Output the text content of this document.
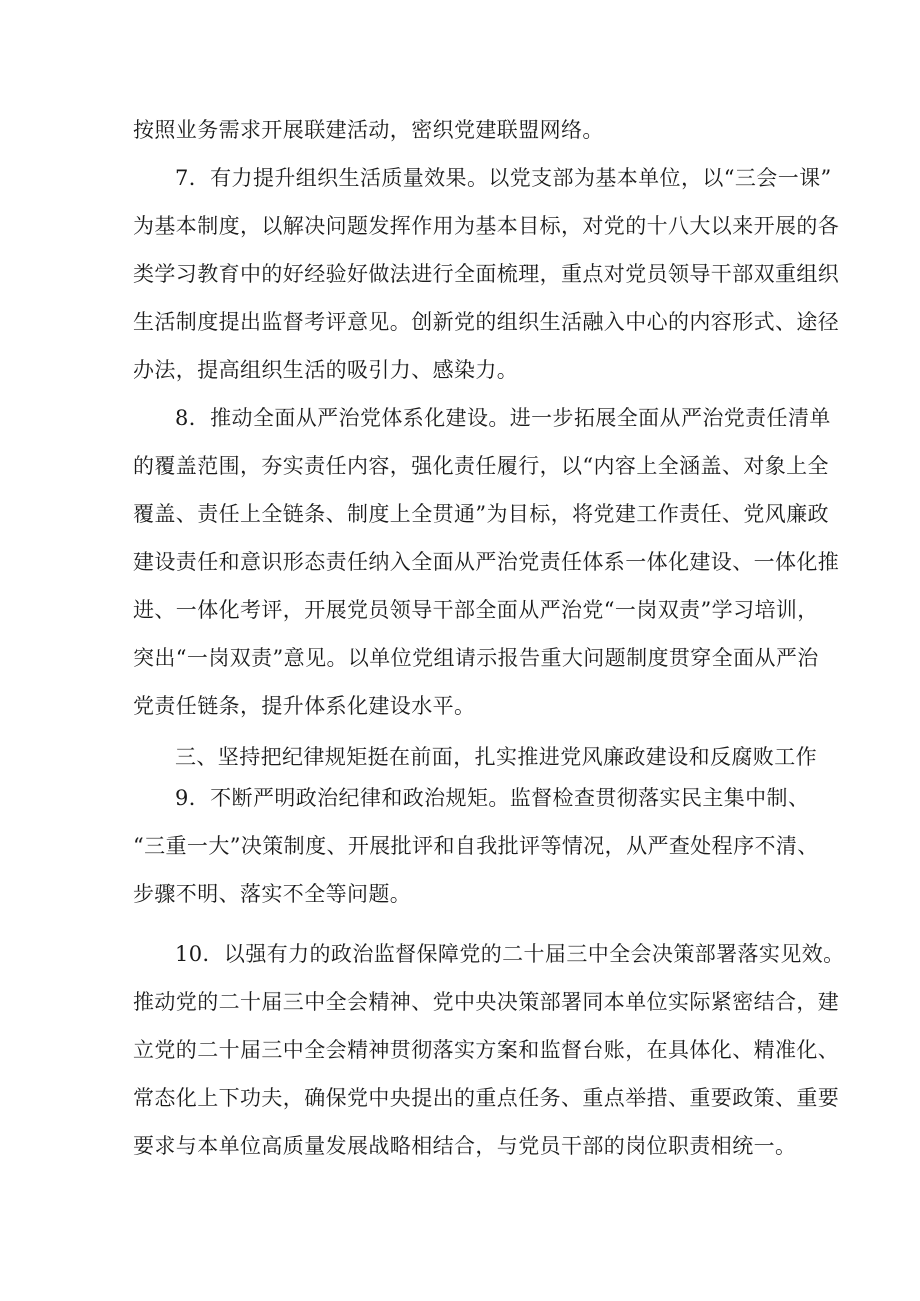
按照业务需求开展联建活动，密织党建联盟网络。
7．有力提升组织生活质量效果。以党支部为基本单位，以“三会一课”
为基本制度，以解决问题发挥作用为基本目标，对党的十八大以来开展的各
类学习教育中的好经验好做法进行全面梳理，重点对党员领导干部双重组织
生活制度提出监督考评意见。创新党的组织生活融入中心的内容形式、途径
办法，提高组织生活的吸引力、感染力。
8．推动全面从严治党体系化建设。进一步拓展全面从严治党责任清单
的覆盖范围，夯实责任内容，强化责任履行，以“内容上全涵盖、对象上全
覆盖、责任上全链条、制度上全贯通”为目标，将党建工作责任、党风廉政
建设责任和意识形态责任纳入全面从严治党责任体系一体化建设、一体化推
进、一体化考评，开展党员领导干部全面从严治党“一岗双责”学习培训，
突出“一岗双责”意见。以单位党组请示报告重大问题制度贯穿全面从严治
党责任链条，提升体系化建设水平。
三、坚持把纪律规矩挺在前面，扎实推进党风廉政建设和反腐败工作
9．不断严明政治纪律和政治规矩。监督检查贯彻落实民主集中制、
“三重一大”决策制度、开展批评和自我批评等情况，从严查处程序不清、
步骤不明、落实不全等问题。
10．以强有力的政治监督保障党的二十届三中全会决策部署落实见效。
推动党的二十届三中全会精神、党中央决策部署同本单位实际紧密结合，建
立党的二十届三中全会精神贯彻落实方案和监督台账，在具体化、精准化、
常态化上下功夫，确保党中央提出的重点任务、重点举措、重要政策、重要
要求与本单位高质量发展战略相结合，与党员干部的岗位职责相统一。
